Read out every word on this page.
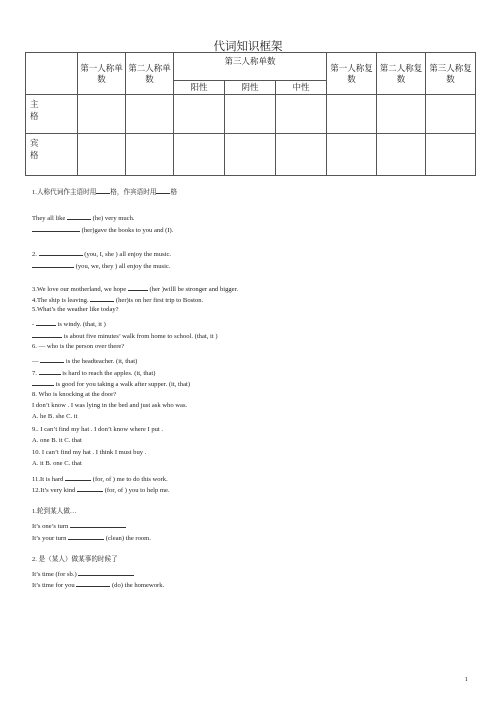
代词知识框架
	第一人称单数	第二人称单数	第三人称单数			第一人称复数	第二人称复数	第三人称复数
			阳性	阴性	中性			
主格								
宾格								
1.人称代词作主语时用 格，作宾语时用 格
They all like	(he) very much.
(her)gave the books to you and (I).
2.	(you, I, she ) all enjoy the music.
(you, we, they ) all enjoy the music.
3.We love our motherland, we hope	(her )willl be stronger and bigger.
4.The ship is leaving.	(her)is on her first trip to Boston.
5.What’s the weather like today?
-	is windy. (that, it )
is about five minutes’ walk from home to school. (that, it )
6. — who is the person over there?
—	is the headteacher. (it, that)
7.	is hard to reach the apples. (it, that)
is good for you taking a walk after supper. (it, that)
8. Who is knocking at the door?
I don’t know . I was lying in the bed and just ask who was.
A. he B. she C. it
9.. I can’t find my hat . I don’t know where I put .
A. one B. it C. that
10. I can’t find my hat . I think I must buy .
A. it B. one C. that
11.It is hard	(for, of ) me to do this work.
12.It’s very kind	(for, of ) you to help me.
1.轮到某人做…
It’s one’s turn
It’s your turn	(clean) the room.
2. 是（某人）做某事的时候了
It’s time (for sb.)
It’s time for you	(do) the homework.
1
